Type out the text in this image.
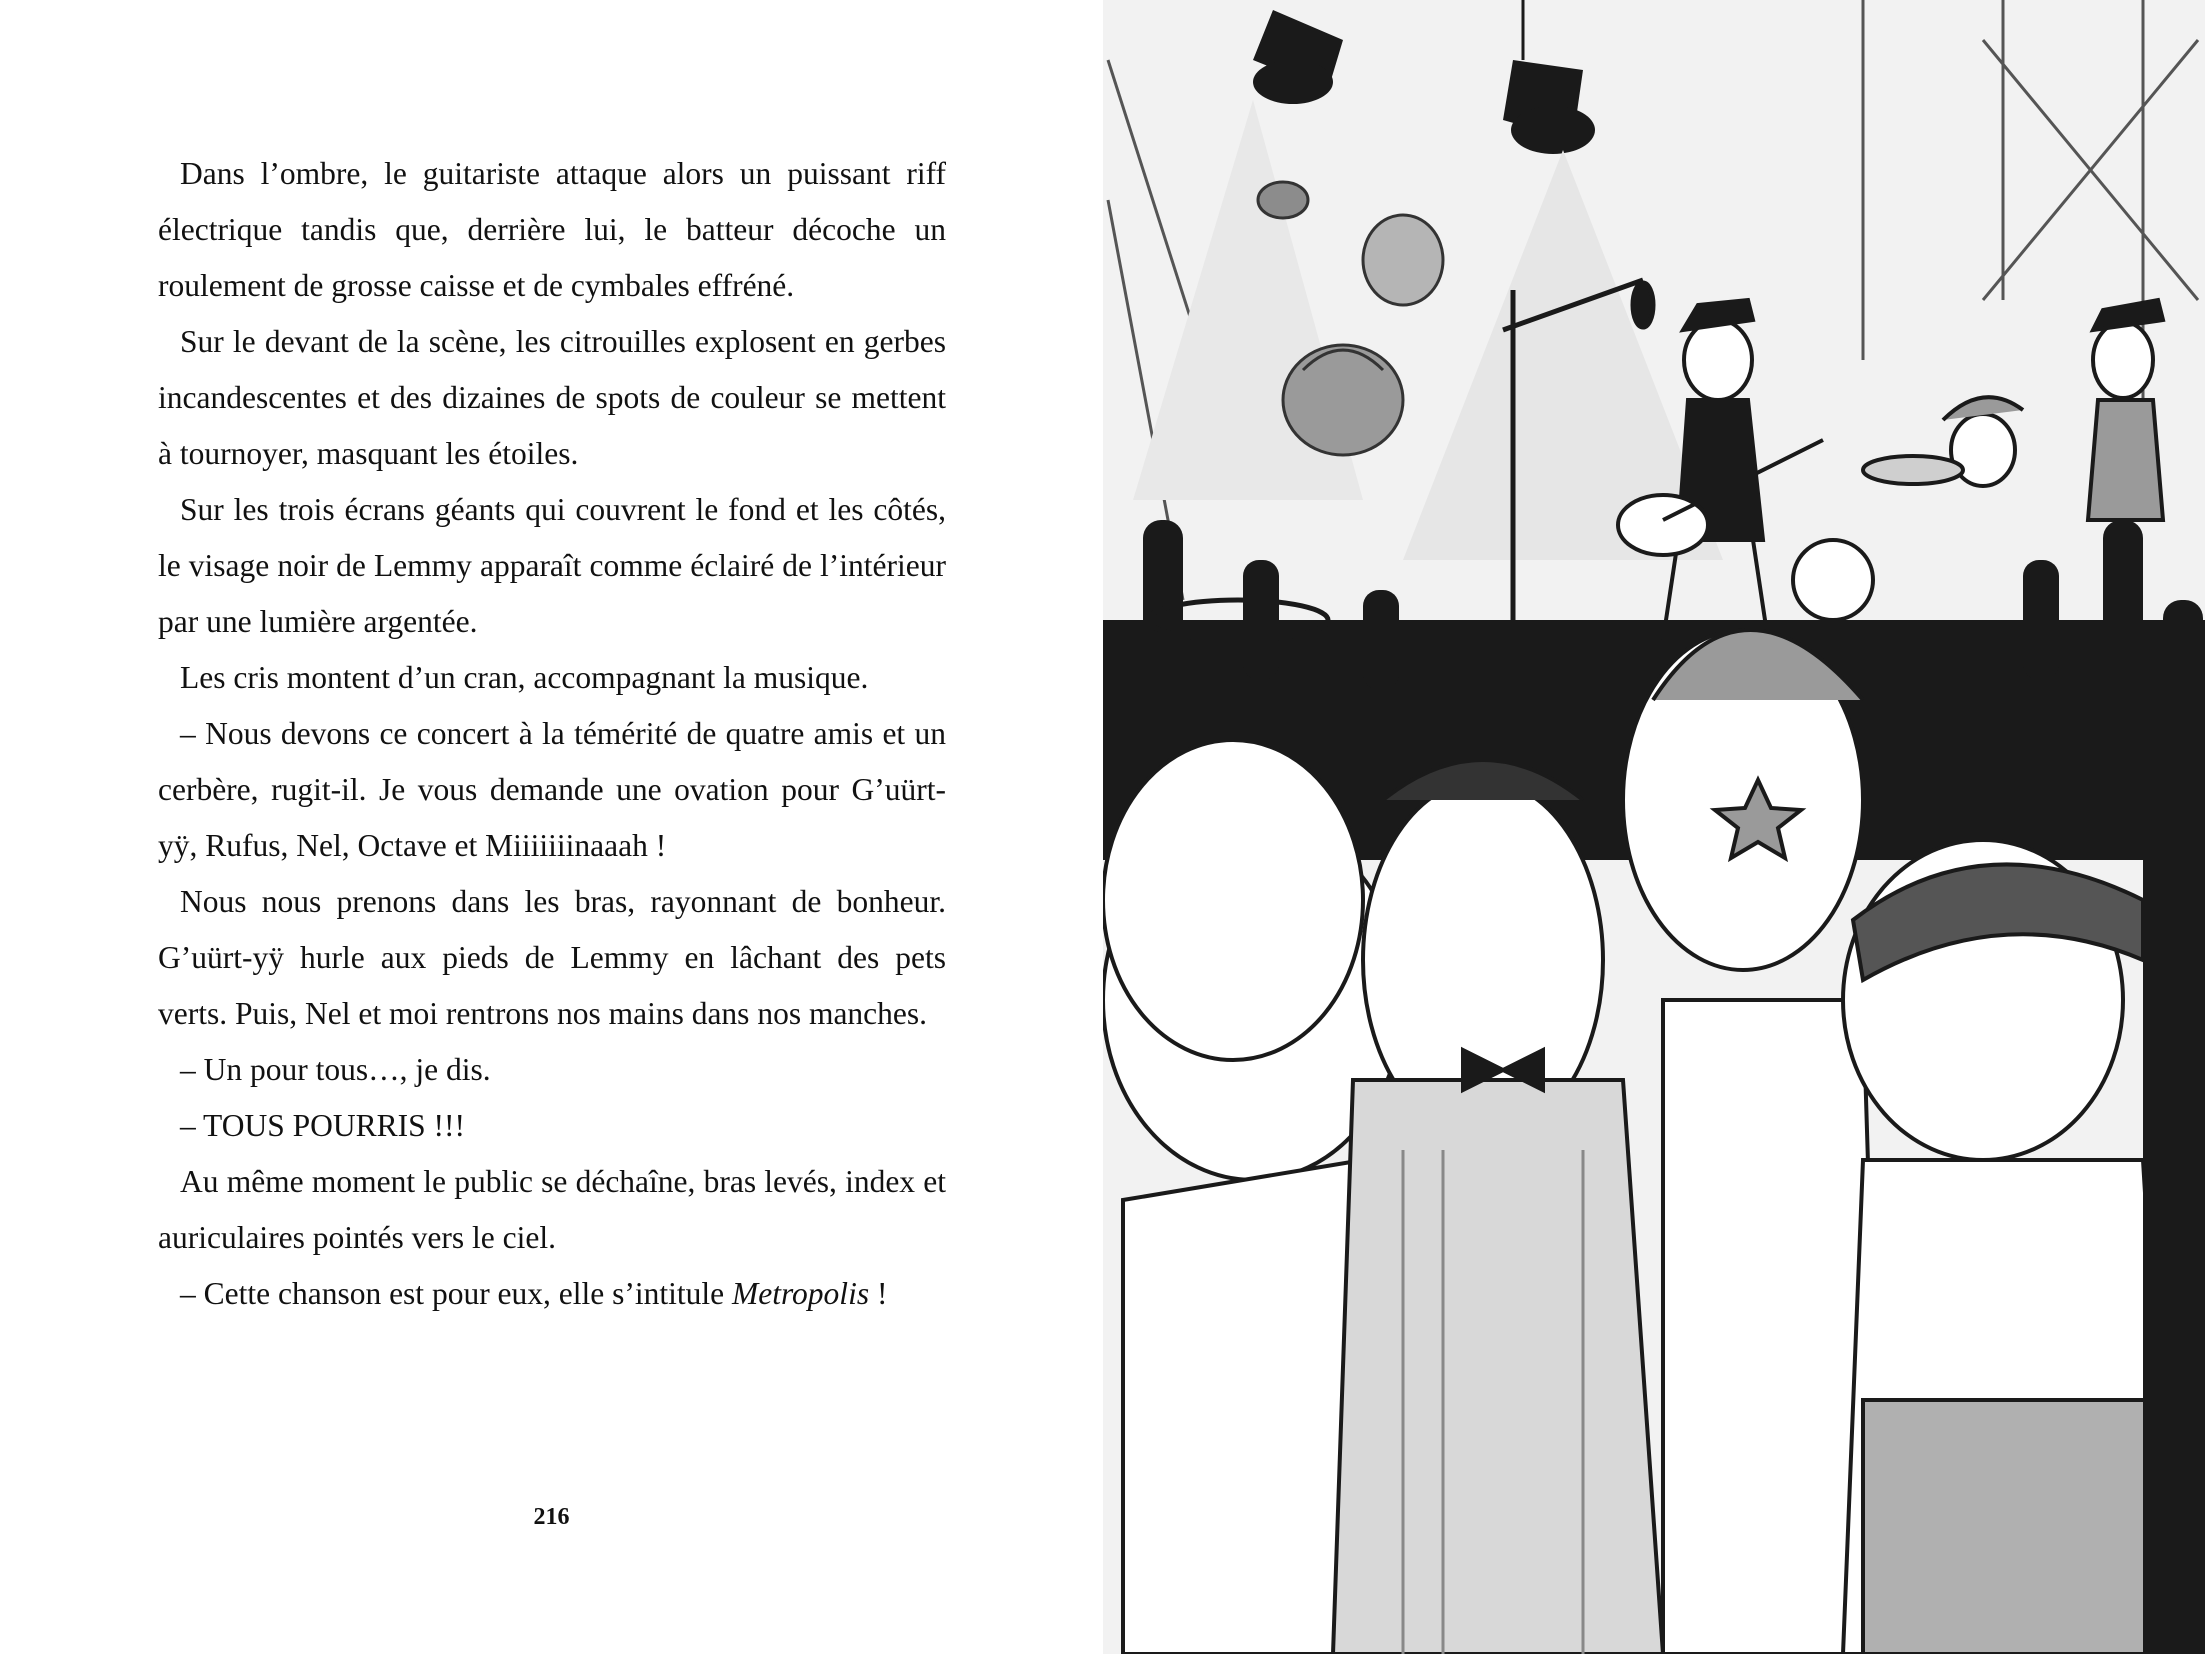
Dans l’ombre, le guitariste attaque alors un puissant riff électrique tandis que, derrière lui, le batteur décoche un roulement de grosse caisse et de cymbales effréné.

Sur le devant de la scène, les citrouilles explosent en gerbes incandescentes et des dizaines de spots de couleur se mettent à tournoyer, masquant les étoiles.

Sur les trois écrans géants qui couvrent le fond et les côtés, le visage noir de Lemmy apparaît comme éclairé de l’intérieur par une lumière argentée.

Les cris montent d’un cran, accompagnant la musique.

– Nous devons ce concert à la témérité de quatre amis et un cerbère, rugit-il. Je vous demande une ovation pour G’uürt-yÿ, Rufus, Nel, Octave et Miiiiiiinaaah !

Nous nous prenons dans les bras, rayonnant de bonheur. G’uürt-yÿ hurle aux pieds de Lemmy en lâchant des pets verts. Puis, Nel et moi rentrons nos mains dans nos manches.

– Un pour tous…, je dis.

– TOUS POURRIS !!!

Au même moment le public se déchaîne, bras levés, index et auriculaires pointés vers le ciel.

– Cette chanson est pour eux, elle s’intitule Metropolis !

216
